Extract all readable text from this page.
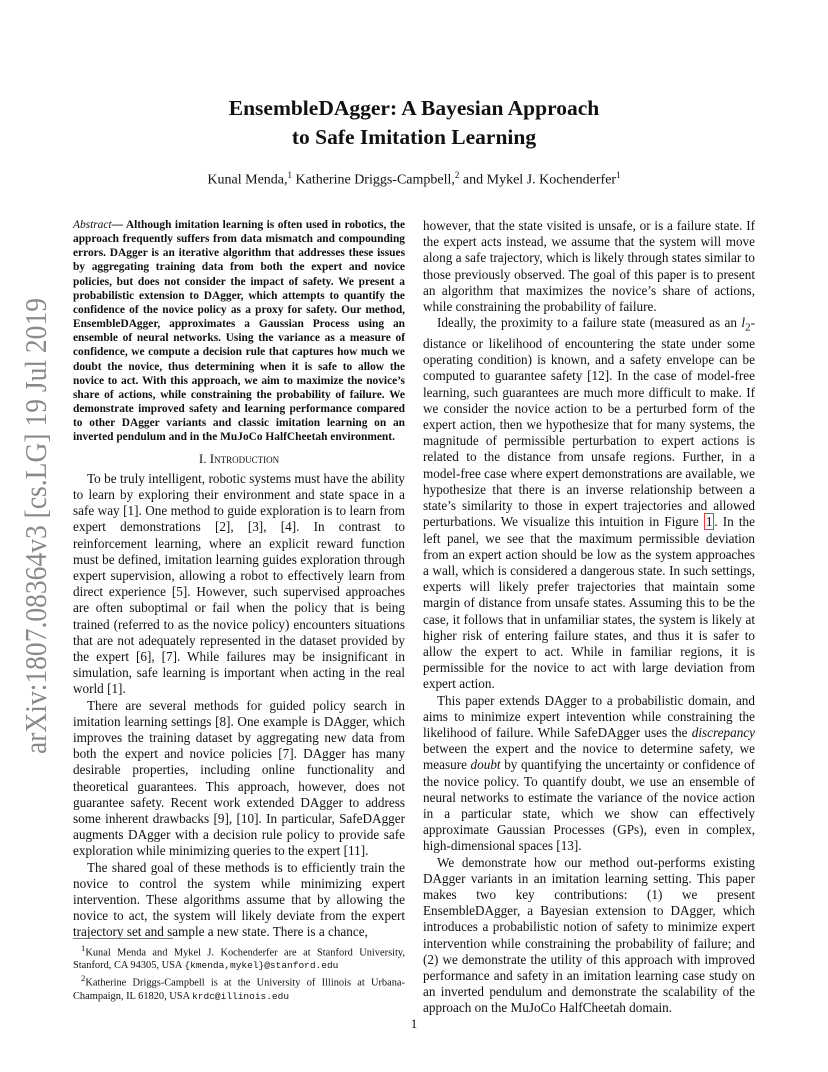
arXiv:1807.08364v3 [cs.LG] 19 Jul 2019
EnsembleDAgger: A Bayesian Approach
to Safe Imitation Learning
Kunal Menda,$^1$ Katherine Driggs-Campbell,$^2$ and Mykel J. Kochenderfer$^1$
Abstract— Although imitation learning is often used in robotics, the approach frequently suffers from data mismatch and compounding errors. DAgger is an iterative algorithm that addresses these issues by aggregating training data from both the expert and novice policies, but does not consider the impact of safety. We present a probabilistic extension to DAgger, which attempts to quantify the confidence of the novice policy as a proxy for safety. Our method, EnsembleDAgger, approximates a Gaussian Process using an ensemble of neural networks. Using the variance as a measure of confidence, we compute a decision rule that captures how much we doubt the novice, thus determining when it is safe to allow the novice to act. With this approach, we aim to maximize the novice’s share of actions, while constraining the probability of failure. We demonstrate improved safety and learning performance compared to other DAgger variants and classic imitation learning on an inverted pendulum and in the MuJoCo HalfCheetah environment.
I. Introduction

To be truly intelligent, robotic systems must have the ability to learn by exploring their environment and state space in a safe way [1]. One method to guide exploration is to learn from expert demonstrations [2], [3], [4]. In contrast to reinforcement learning, where an explicit reward function must be defined, imitation learning guides exploration through expert supervision, allowing a robot to effectively learn from direct experience [5]. However, such supervised approaches are often suboptimal or fail when the policy that is being trained (referred to as the novice policy) encounters situations that are not adequately represented in the dataset provided by the expert [6], [7]. While failures may be insignificant in simulation, safe learning is important when acting in the real world [1].

There are several methods for guided policy search in imitation learning settings [8]. One example is DAgger, which improves the training dataset by aggregating new data from both the expert and novice policies [7]. DAgger has many desirable properties, including online functionality and theoretical guarantees. This approach, however, does not guarantee safety. Recent work extended DAgger to address some inherent drawbacks [9], [10]. In particular, SafeDAgger augments DAgger with a decision rule policy to provide safe exploration while minimizing queries to the expert [11].

The shared goal of these methods is to efficiently train the novice to control the system while minimizing expert intervention. These algorithms assume that by allowing the novice to act, the system will likely deviate from the expert trajectory set and sample a new state. There is a chance,

however, that the state visited is unsafe, or is a failure state. If the expert acts instead, we assume that the system will move along a safe trajectory, which is likely through states similar to those previously observed. The goal of this paper is to present an algorithm that maximizes the novice’s share of actions, while constraining the probability of failure.

Ideally, the proximity to a failure state (measured as an $l_2$-distance or likelihood of encountering the state under some operating condition) is known, and a safety envelope can be computed to guarantee safety [12]. In the case of model-free learning, such guarantees are much more difficult to make. If we consider the novice action to be a perturbed form of the expert action, then we hypothesize that for many systems, the magnitude of permissible perturbation to expert actions is related to the distance from unsafe regions. Further, in a model-free case where expert demonstrations are available, we hypothesize that there is an inverse relationship between a state’s similarity to those in expert trajectories and allowed perturbations. We visualize this intuition in Figure 1 . In the left panel, we see that the maximum permissible deviation from an expert action should be low as the system approaches a wall, which is considered a dangerous state. In such settings, experts will likely prefer trajectories that maintain some margin of distance from unsafe states. Assuming this to be the case, it follows that in unfamiliar states, the system is likely at higher risk of entering failure states, and thus it is safer to allow the expert to act. While in familiar regions, it is permissible for the novice to act with large deviation from expert action.

This paper extends DAgger to a probabilistic domain, and aims to minimize expert intevention while constraining the likelihood of failure. While SafeDAgger uses the discrepancy between the expert and the novice to determine safety, we measure doubt by quantifying the uncertainty or confidence of the novice policy. To quantify doubt, we use an ensemble of neural networks to estimate the variance of the novice action in a particular state, which we show can effectively approximate Gaussian Processes (GPs), even in complex, high-dimensional spaces [13].

We demonstrate how our method out-performs existing DAgger variants in an imitation learning setting. This paper makes two key contributions: (1) we present EnsembleDAgger, a Bayesian extension to DAgger, which introduces a probabilistic notion of safety to minimize expert intervention while constraining the probability of failure; and (2) we demonstrate the utility of this approach with improved performance and safety in an imitation learning case study on an inverted pendulum and demonstrate the scalability of the approach on the MuJoCo HalfCheetah domain.

$^1$Kunal Menda and Mykel J. Kochenderfer are at Stanford University, Stanford, CA 94305, USA {kmenda,mykel}@stanford.edu

$^2$Katherine Driggs-Campbell is at the University of Illinois at Urbana-Champaign, IL 61820, USA krdc@illinois.edu

1
